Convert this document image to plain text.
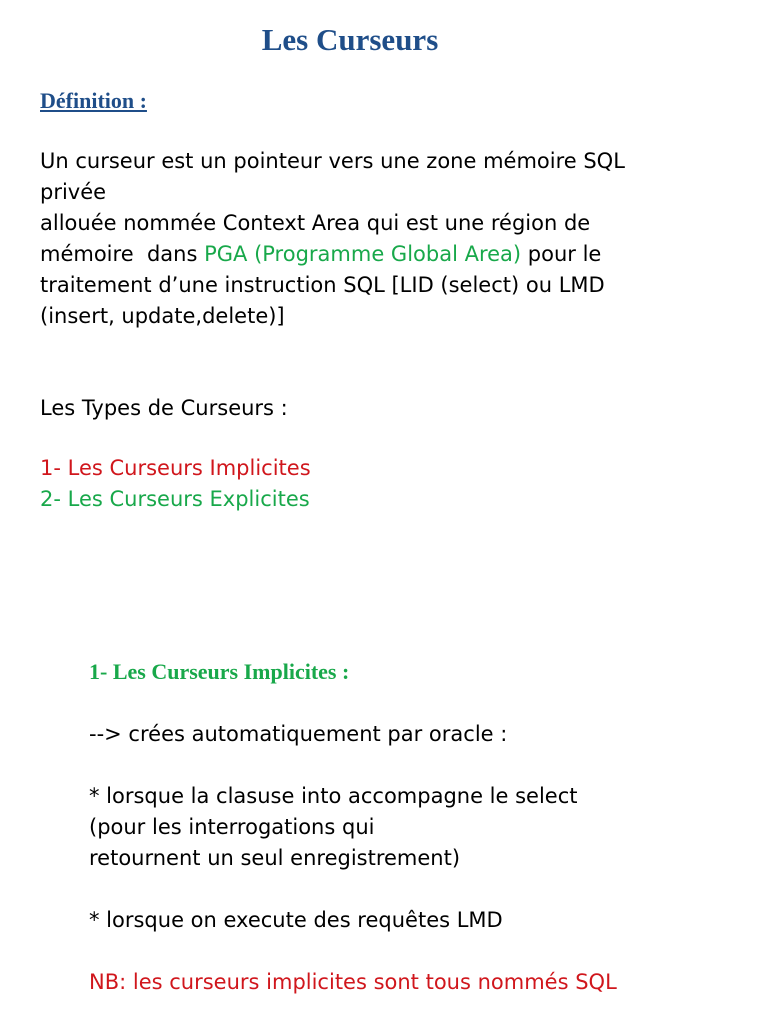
Les Curseurs
Définition :
Un curseur est un pointeur vers une zone mémoire SQL
privée
allouée nommée Context Area qui est une région de
mémoire  dans PGA (Programme Global Area) pour le
traitement d’une instruction SQL [LID (select) ou LMD
(insert, update,delete)]
Les Types de Curseurs :
1- Les Curseurs Implicites
2- Les Curseurs Explicites
1- Les Curseurs Implicites :
--> crées automatiquement par oracle :
* lorsque la clasuse into accompagne le select
(pour les interrogations qui
retournent un seul enregistrement)
* lorsque on execute des requêtes LMD
NB: les curseurs implicites sont tous nommés SQL
